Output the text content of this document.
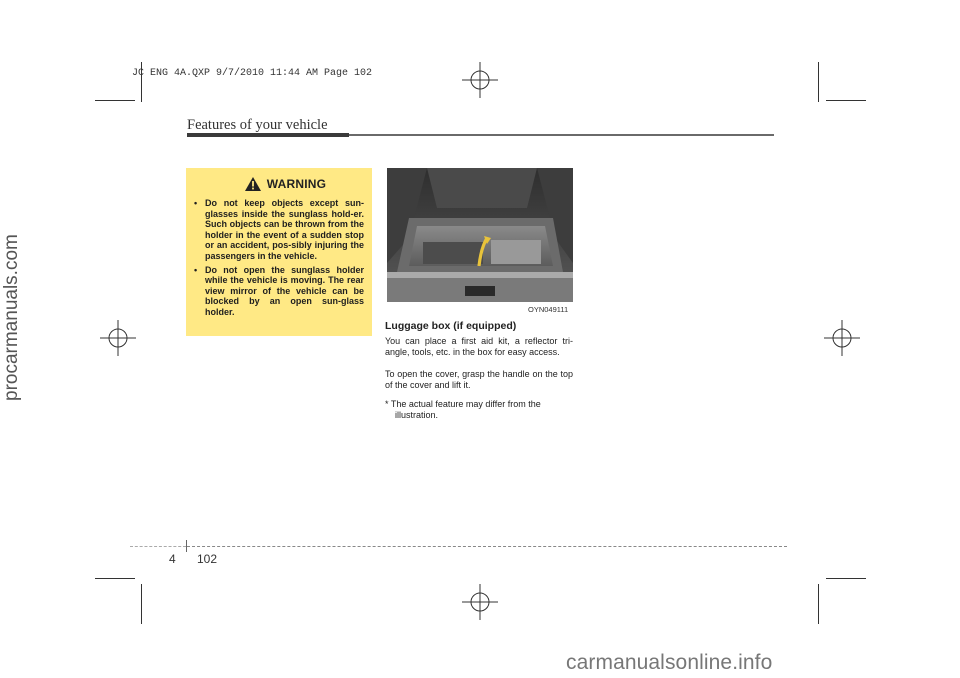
JC ENG 4A.QXP 9/7/2010 11:44 AM Page 102
Features of your vehicle
WARNING
• Do not keep objects except sun-glasses inside the sunglass hold-er. Such objects can be thrown from the holder in the event of a sudden stop or an accident, pos-sibly injuring the passengers in the vehicle.
• Do not open the sunglass holder while the vehicle is moving. The rear view mirror of the vehicle can be blocked by an open sun-glass holder.	OYN049111
Luggage box (if equipped)
You can place a first aid kit, a reflector tri-angle, tools, etc. in the box for easy access.
To open the cover, grasp the handle on the top of the cover and lift it.
* The actual feature may differ from the
illustration.
4 102
procarmanuals.com
carmanualsonline.info
